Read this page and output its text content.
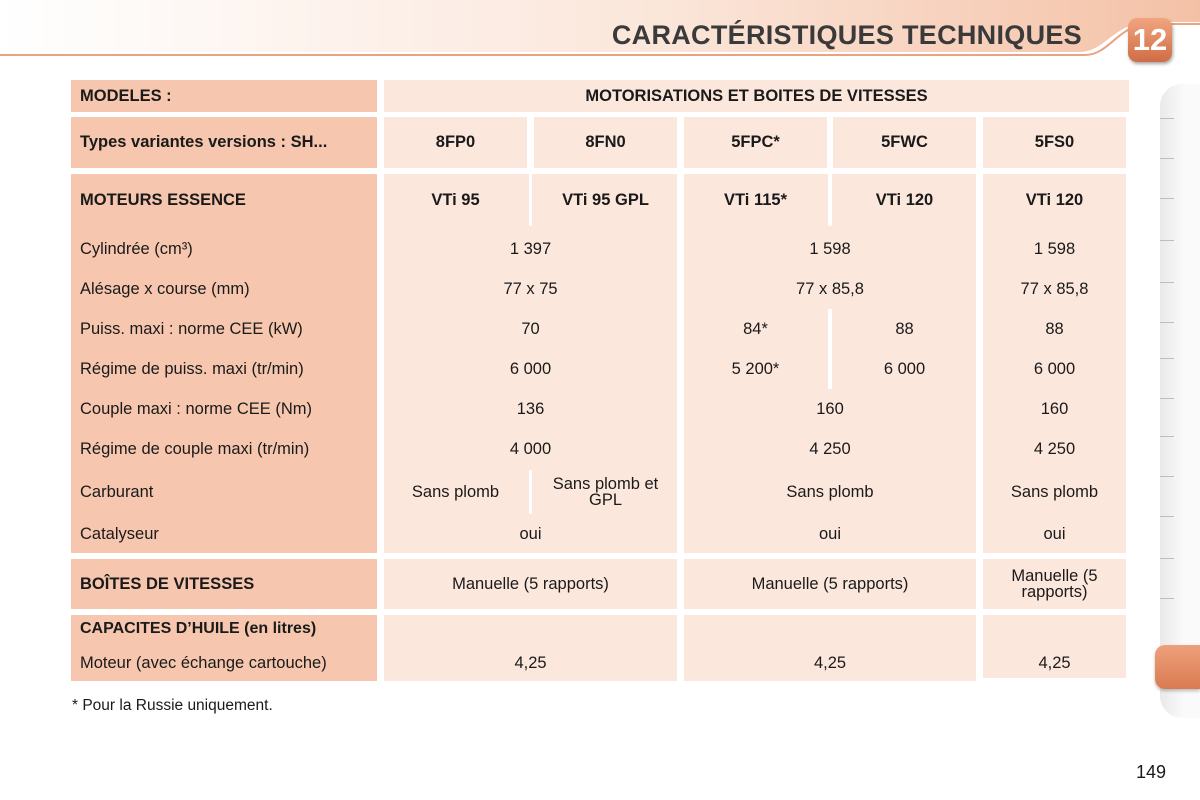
CARACTÉRISTIQUES TECHNIQUES 12
MODELES :	MOTORISATIONS ET BOITES DE VITESSES
Types variantes versions : SH...	8FP0	8FN0	5FPC*	5FWC	5FS0
MOTEURS ESSENCE	VTi 95	VTi 95 GPL	VTi 115*	VTi 120	VTi 120
Cylindrée (cm³)	1 397	1 598	1 598
Alésage x course (mm)	77 x 75	77 x 85,8	77 x 85,8
Puiss. maxi : norme CEE (kW)	70	84*	88	88
Régime de puiss. maxi (tr/min)	6 000	5 200*	6 000	6 000
Couple maxi : norme CEE (Nm)	136	160	160
Régime de couple maxi (tr/min)	4 000	4 250	4 250
Carburant	Sans plomb	Sans plomb et GPL	Sans plomb	Sans plomb
Catalyseur	oui	oui	oui
BOÎTES DE VITESSES	Manuelle (5 rapports)	Manuelle (5 rapports)	Manuelle (5 rapports)
CAPACITES D’HUILE (en litres)
Moteur (avec échange cartouche)	4,25	4,25	4,25
* Pour la Russie uniquement.
149
